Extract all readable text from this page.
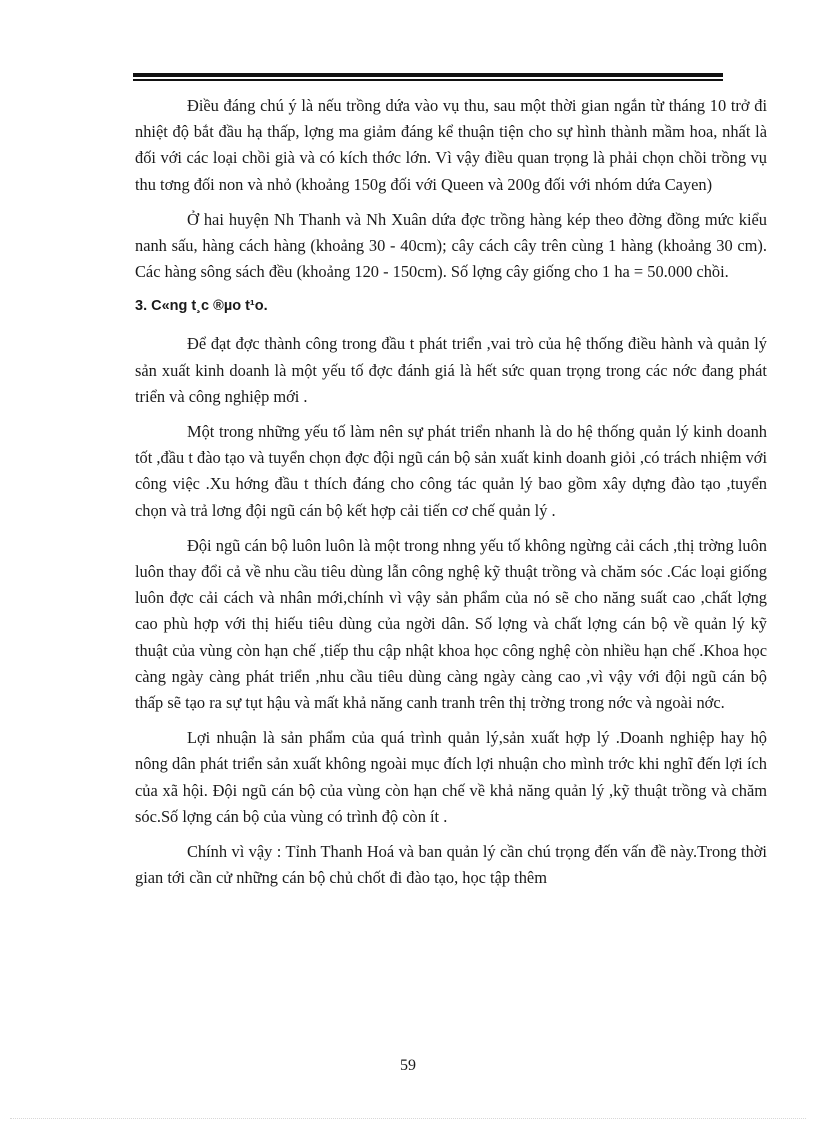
Điều đáng chú ý là nếu trồng dứa vào vụ thu, sau một thời gian ngắn từ tháng 10 trở đi nhiệt độ bắt đầu hạ thấp, lợng ma giảm đáng kể thuận tiện cho sự hình thành mầm hoa, nhất là đối với các loại chồi già và có kích thớc lớn. Vì vậy điều quan trọng là phải chọn chồi trồng vụ thu tơng đối non và nhỏ (khoảng 150g đối với Queen và 200g đối với nhóm dứa Cayen)

Ở hai huyện Nh Thanh và Nh Xuân dứa đợc trồng hàng kép theo đờng đồng mức kiểu nanh sấu, hàng cách hàng (khoảng 30 - 40cm); cây cách cây trên cùng 1 hàng (khoảng 30 cm). Các hàng sông sách đều (khoảng 120 - 150cm). Số lợng cây giống cho 1 ha = 50.000 chồi.

3. C«ng t¸c ®µo t¹o.

Để đạt đợc thành công trong đầu t phát triển ,vai trò của hệ thống điều hành và quản lý sản xuất kinh doanh là một yếu tố đợc đánh giá là hết sức quan trọng trong các nớc đang phát triển và công nghiệp mới .

Một trong những yếu tố làm nên sự phát triển nhanh là do hệ thống quản lý kinh doanh tốt ,đầu t đào tạo và tuyển chọn đợc đội ngũ cán bộ sản xuất kinh doanh giỏi ,có trách nhiệm với công việc .Xu hớng đầu t thích đáng cho công tác quản lý bao gồm xây dựng đào tạo ,tuyển chọn và trả lơng đội ngũ cán bộ kết hợp cải tiến cơ chế quản lý .

Đội ngũ cán bộ luôn luôn là một trong nhng yếu tố không ngừng cải cách ,thị trờng luôn luôn thay đổi cả về nhu cầu tiêu dùng lẫn công nghệ kỹ thuật trồng và chăm sóc .Các loại giống luôn đợc cải cách và nhân mới,chính vì vậy sản phẩm của nó sẽ cho năng suất cao ,chất lợng cao phù hợp với thị hiếu tiêu dùng của ngời dân. Số lợng và chất lợng cán bộ về quản lý kỹ thuật của vùng còn hạn chế ,tiếp thu cập nhật khoa học công nghệ còn nhiều hạn chế .Khoa học càng ngày càng phát triển ,nhu cầu tiêu dùng càng ngày càng cao ,vì vậy với đội ngũ cán bộ thấp sẽ tạo ra sự tụt hậu và mất khả năng canh tranh trên thị trờng trong nớc và ngoài nớc.

Lợi nhuận là sản phẩm của quá trình quản lý,sản xuất hợp lý .Doanh nghiệp hay hộ nông dân phát triển sản xuất không ngoài mục đích lợi nhuận cho mình trớc khi nghĩ đến lợi ích của xã hội. Đội ngũ cán bộ của vùng còn hạn chế về khả năng quản lý ,kỹ thuật trồng và chăm sóc.Số lợng cán bộ của vùng có trình độ còn ít .

Chính vì vậy : Tỉnh Thanh Hoá và ban quản lý cần chú trọng đến vấn đề này.Trong thời gian tới cần cử những cán bộ chủ chốt đi đào tạo, học tập thêm

59
